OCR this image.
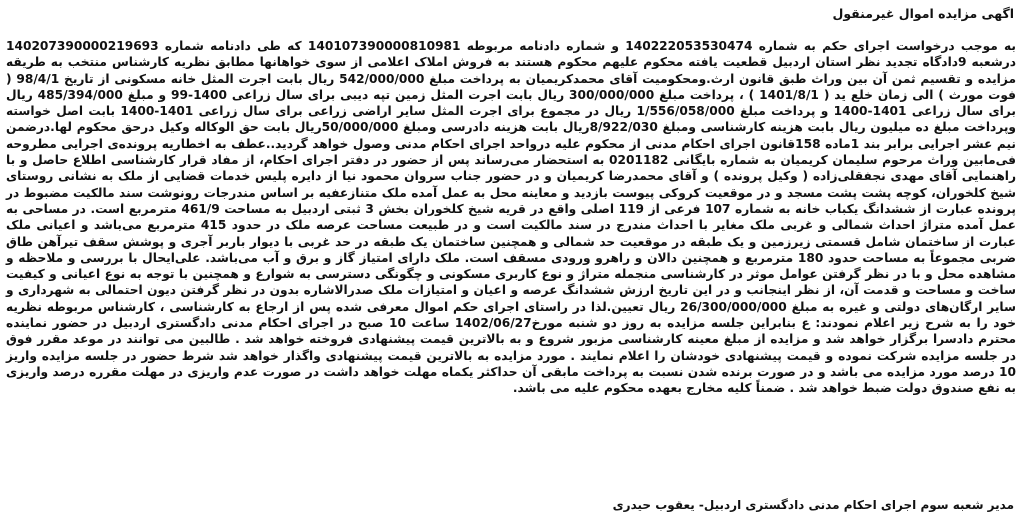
اگهی مزایده اموال غیرمنقول
به موجب درخواست اجرای حکم به شماره 140222053530474 و شماره دادنامه مربوطه 140107390000810981 که طی دادنامه شماره 140207390000219693 درشعبه 9دادگاه تجدید نظر استان اردبیل قطعیت یافته محکوم علیهم محکوم هستند به فروش املاک اعلامی از سوی خواهانها مطابق نظریه کارشناس منتخب به طریقه مزایده و تقسیم ثمن آن بین وراث طبق قانون ارث.ومحکومیت آقای محمدکریمیان به پرداخت مبلغ 542/000/000 ریال بابت اجرت المثل خانه مسکونی از تاریخ 98/4/1 ( فوت مورث ) الی زمان خلع ید ( 1401/8/1 ) ، پرداخت مبلغ 300/000/000 ریال بابت اجرت المثل زمین تپه دیبی برای سال زراعی 1400-99 و مبلغ 485/394/000 ریال برای سال زراعی 1401-1400 و پرداخت مبلغ 1/556/058/000 ریال در مجموع برای اجرت المثل سایر اراضی زراعی برای سال زراعی 1401-1400 بابت اصل خواسته وپرداخت مبلغ ده میلیون ریال بابت هزینه کارشناسی ومبلغ 8/922/030ریال بابت هزینه دادرسی ومبلغ 50/000/000ریال بابت حق الوکاله وکیل درحق محکوم لها.درضمن نیم عشر اجرایی برابر بند 1ماده 158قانون اجرای احکام مدنی از محکوم علیه درواحد اجرای احکام مدنی وصول خواهد گردید..عطف به اخطاریه پرونده‌ی اجرایی مطروحه فی‌مابین وراث مرحوم سلیمان کریمیان به شماره بایگانی 0201182 به استحضار می‌رساند پس از حضور در دفتر اجرای احکام، از مفاد قرار کارشناسی اطلاع حاصل و با راهنمایی آقای مهدی نجفقلی‌زاده ( وکیل پرونده ) و آقای محمدرضا کریمیان و در حضور جناب سروان محمود نیا از دایره پلیس خدمات قضایی از ملک به نشانی روستای شیخ کلخوران، کوچه پشت پشت مسجد و در موقعیت کروکی پیوست بازدید و معاینه محل به عمل آمده ملک متنازعفیه بر اساس مندرجات رونوشت سند مالکیت مضبوط در پرونده عبارت از ششدانگ یکباب خانه به شماره 107 فرعی از 119 اصلی واقع در قریه شیخ کلخوران بخش 3 ثبتی اردبیل به مساحت 461/9 مترمربع است. در مساحی به عمل آمده متراژ احداث شمالی و غربی ملک مغایر با احداث مندرج در سند مالکیت است و در طبیعت مساحت عرصه ملک در حدود 415 مترمربع می‌باشد و اعیانی ملک عبارت از ساختمان شامل قسمتی زیرزمین و یک طبقه در موقعیت حد شمالی و همچنین ساختمان یک طبقه در حد غربی با دیوار باربر آجری و پوشش سقف تیرآهن طاق ضربی مجموعاً به مساحت حدود 180 مترمربع و همچنین دالان و راهرو ورودی مسقف است. ملک دارای امتیاز گاز و برق و آب می‌باشد. علی‌ایحال با بررسی و ملاحظه و مشاهده محل و با در نظر گرفتن عوامل موثر در کارشناسی منجمله متراژ و نوع کاربری مسکونی و چگونگی دسترسی به شوارع و همچنین با توجه به نوع اعیانی و کیفیت ساخت و مساحت و قدمت آن، از نظر اینجانب و در این تاریخ ارزش ششدانگ عرصه و اعیان و امتیازات ملک صدرالاشاره بدون در نظر گرفتن دیون احتمالی به شهرداری و سایر ارگان‌های دولتی و غیره به مبلغ 26/300/000/000 ریال تعیین.لذا در راستای اجرای حکم اموال معرفی شده پس از ارجاع به کارشناسی ، کارشناس مربوطه نظریه خود را به شرح زیر اعلام نمودند: ع بنابراین جلسه مزایده به روز دو شنبه مورخ1402/06/27 ساعت 10 صبح در اجرای احکام مدنی دادگستری اردبیل در حضور نماینده محترم دادسرا برگزار خواهد شد و مزایده از مبلغ معینه کارشناسی مزبور شروع و به بالاترین قیمت پیشنهادی فروخته خواهد شد . طالبین می توانند در موعد مقرر فوق در جلسه مزایده شرکت نموده و قیمت پیشنهادی خودشان را اعلام نمایند . مورد مزایده به بالاترین قیمت پیشنهادی واگذار خواهد شد شرط حضور در جلسه مزایده واریز 10 درصد مورد مزایده می باشد و در صورت برنده شدن نسبت به پرداخت مابقی آن حداکثر یکماه مهلت خواهد داشت در صورت عدم واریزی در مهلت مقرره درصد واریزی به نفع صندوق دولت ضبط خواهد شد . ضمناً کلیه مخارج بعهده محکوم علیه می باشد.
مدیر شعبه سوم اجرای احکام مدنی دادگستری اردبیل- یعقوب حیدری
